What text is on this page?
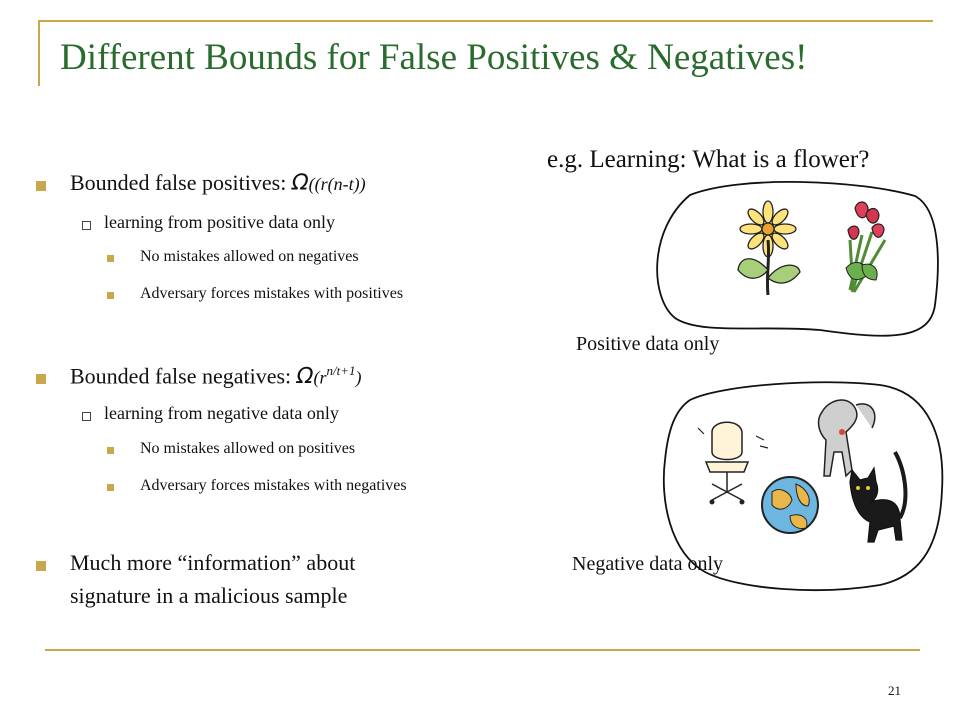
Different Bounds for False Positives & Negatives!
Bounded false positives: Ω((r(n-t))
learning from positive data only
No mistakes allowed on negatives
Adversary forces mistakes with positives
Bounded false negatives: $\Omega(r^{n/t+1})$
learning from negative data only
No mistakes allowed on positives
Adversary forces mistakes with negatives
Much more “information” about
signature in a malicious sample
e.g. Learning: What is a flower?
Positive data only
Negative data only
21
